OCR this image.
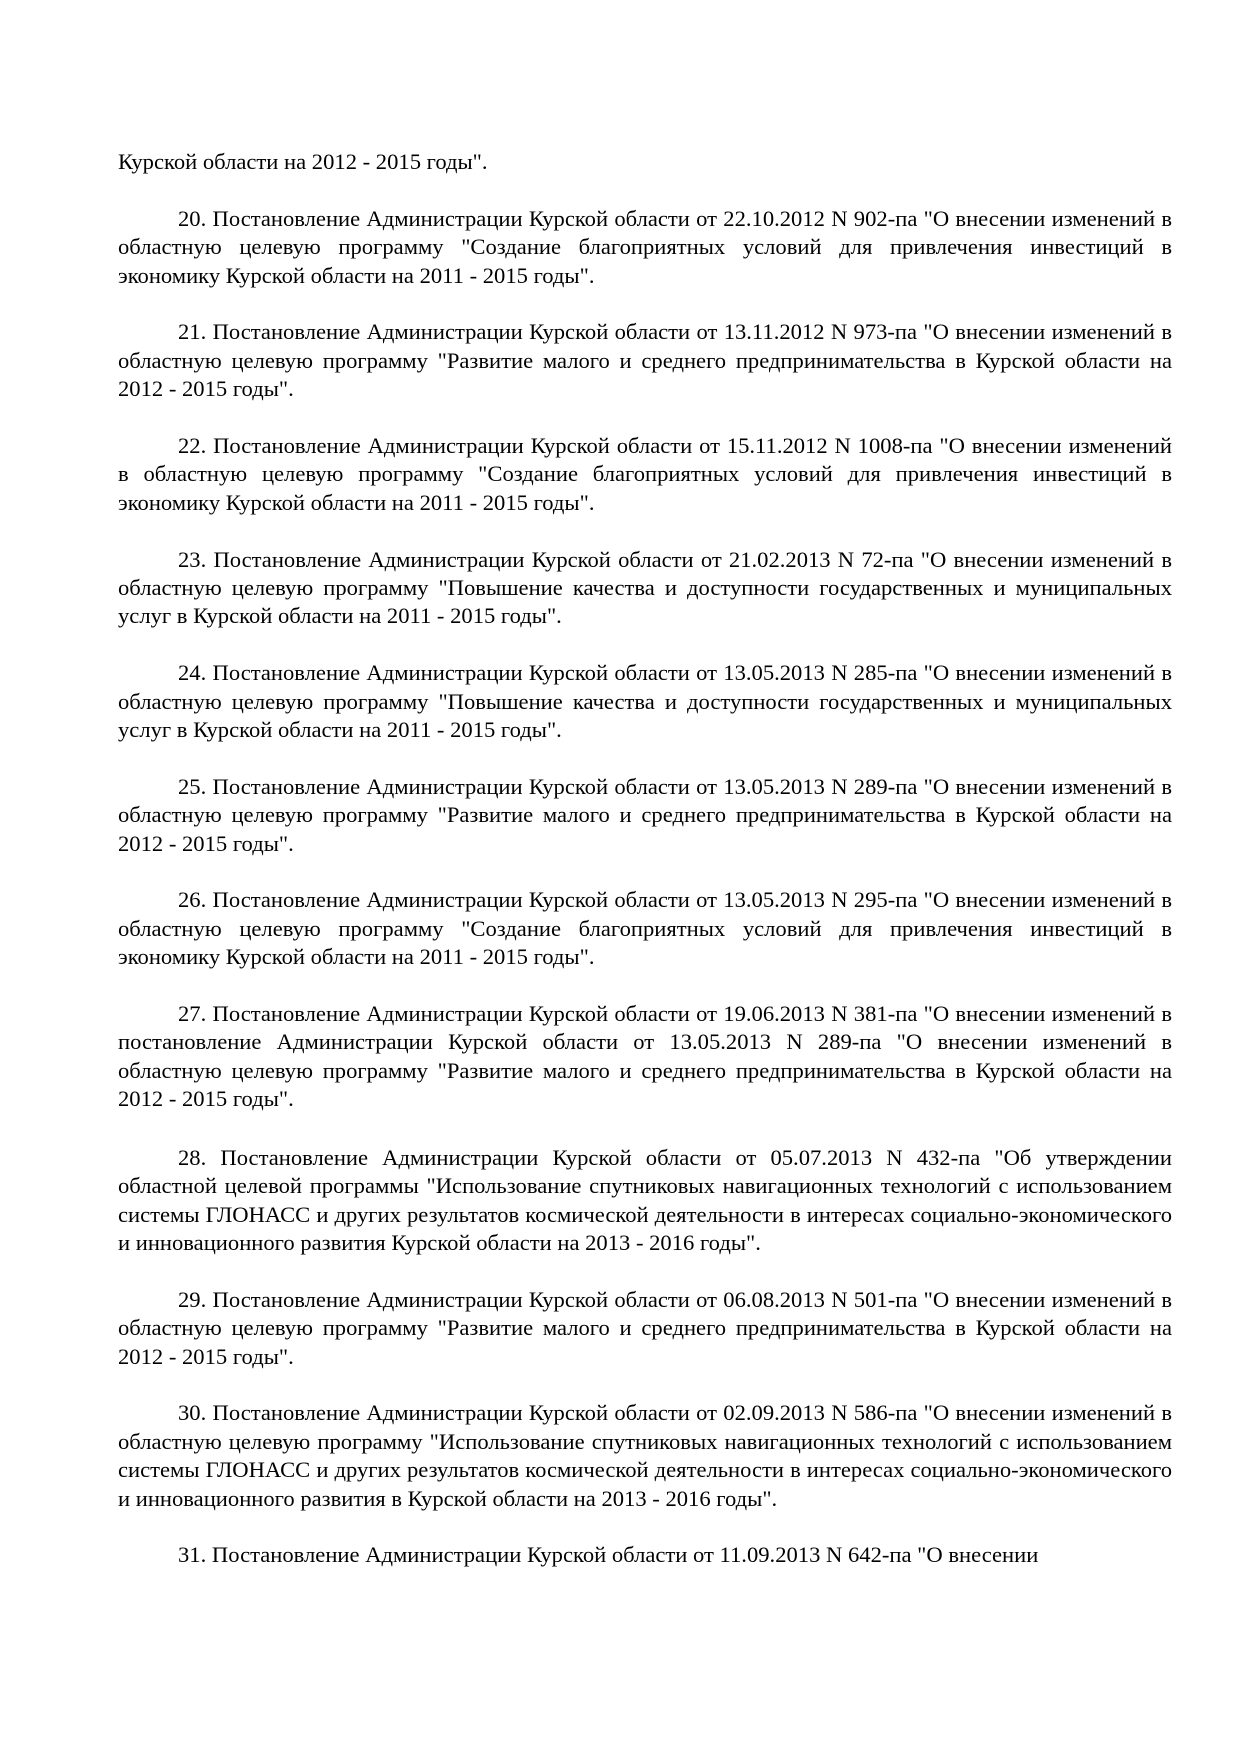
Курской области на 2012 - 2015 годы".

20. Постановление Администрации Курской области от 22.10.2012 N 902-па "О внесении изменений в областную целевую программу "Создание благоприятных условий для привлечения инвестиций в экономику Курской области на 2011 - 2015 годы".

21. Постановление Администрации Курской области от 13.11.2012 N 973-па "О внесении изменений в областную целевую программу "Развитие малого и среднего предпринимательства в Курской области на 2012 - 2015 годы".

22. Постановление Администрации Курской области от 15.11.2012 N 1008-па "О внесении изменений в областную целевую программу "Создание благоприятных условий для привлечения инвестиций в экономику Курской области на 2011 - 2015 годы".

23. Постановление Администрации Курской области от 21.02.2013 N 72-па "О внесении изменений в областную целевую программу "Повышение качества и доступности государственных и муниципальных услуг в Курской области на 2011 - 2015 годы".

24. Постановление Администрации Курской области от 13.05.2013 N 285-па "О внесении изменений в областную целевую программу "Повышение качества и доступности государственных и муниципальных услуг в Курской области на 2011 - 2015 годы".

25. Постановление Администрации Курской области от 13.05.2013 N 289-па "О внесении изменений в областную целевую программу "Развитие малого и среднего предпринимательства в Курской области на 2012 - 2015 годы".

26. Постановление Администрации Курской области от 13.05.2013 N 295-па "О внесении изменений в областную целевую программу "Создание благоприятных условий для привлечения инвестиций в экономику Курской области на 2011 - 2015 годы".

27. Постановление Администрации Курской области от 19.06.2013 N 381-па "О внесении изменений в постановление Администрации Курской области от 13.05.2013 N 289-па "О внесении изменений в областную целевую программу "Развитие малого и среднего предпринимательства в Курской области на 2012 - 2015 годы".

28. Постановление Администрации Курской области от 05.07.2013 N 432-па "Об утверждении областной целевой программы "Использование спутниковых навигационных технологий с использованием системы ГЛОНАСС и других результатов космической деятельности в интересах социально-экономического и инновационного развития Курской области на 2013 - 2016 годы".

29. Постановление Администрации Курской области от 06.08.2013 N 501-па "О внесении изменений в областную целевую программу "Развитие малого и среднего предпринимательства в Курской области на 2012 - 2015 годы".

30. Постановление Администрации Курской области от 02.09.2013 N 586-па "О внесении изменений в областную целевую программу "Использование спутниковых навигационных технологий с использованием системы ГЛОНАСС и других результатов космической деятельности в интересах социально-экономического и инновационного развития в Курской области на 2013 - 2016 годы".

31. Постановление Администрации Курской области от 11.09.2013 N 642-па "О внесении
